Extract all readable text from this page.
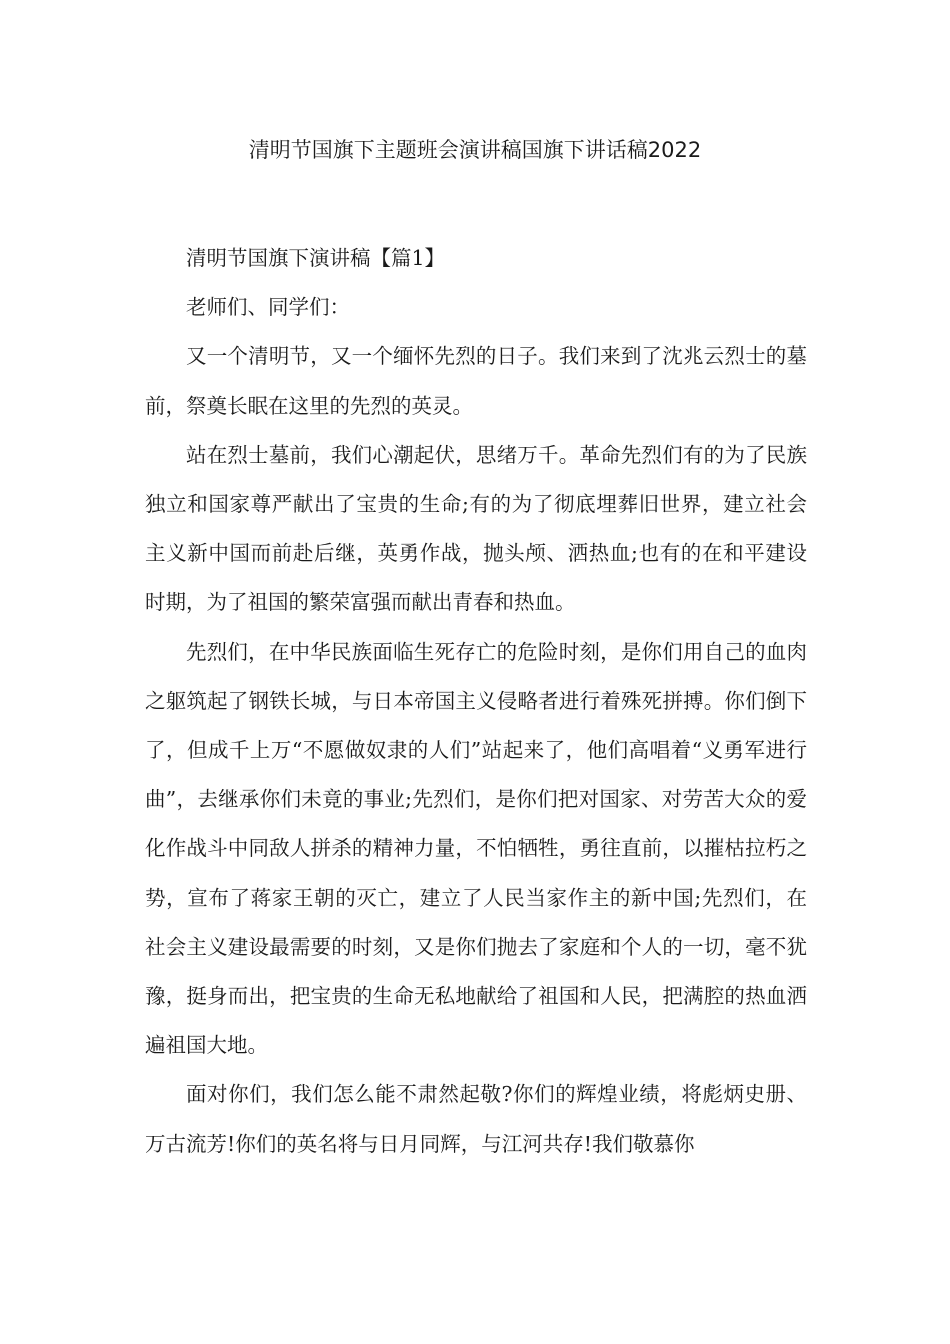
清明节国旗下主题班会演讲稿国旗下讲话稿2022

清明节国旗下演讲稿【篇1】

老师们、同学们：

又一个清明节，又一个缅怀先烈的日子。我们来到了沈兆云烈士的墓前，祭奠长眠在这里的先烈的英灵。

站在烈士墓前，我们心潮起伏，思绪万千。革命先烈们有的为了民族独立和国家尊严献出了宝贵的生命;有的为了彻底埋葬旧世界，建立社会主义新中国而前赴后继，英勇作战，抛头颅、洒热血;也有的在和平建设时期，为了祖国的繁荣富强而献出青春和热血。

先烈们，在中华民族面临生死存亡的危险时刻，是你们用自己的血肉之躯筑起了钢铁长城，与日本帝国主义侵略者进行着殊死拼搏。你们倒下了，但成千上万“不愿做奴隶的人们”站起来了，他们高唱着“义勇军进行曲”，去继承你们未竟的事业;先烈们，是你们把对国家、对劳苦大众的爱化作战斗中同敌人拼杀的精神力量，不怕牺牲，勇往直前，以摧枯拉朽之势，宣布了蒋家王朝的灭亡，建立了人民当家作主的新中国;先烈们，在社会主义建设最需要的时刻，又是你们抛去了家庭和个人的一切，毫不犹豫，挺身而出，把宝贵的生命无私地献给了祖国和人民，把满腔的热血洒遍祖国大地。

面对你们，我们怎么能不肃然起敬?你们的辉煌业绩，将彪炳史册、万古流芳!你们的英名将与日月同辉，与江河共存!我们敬慕你
